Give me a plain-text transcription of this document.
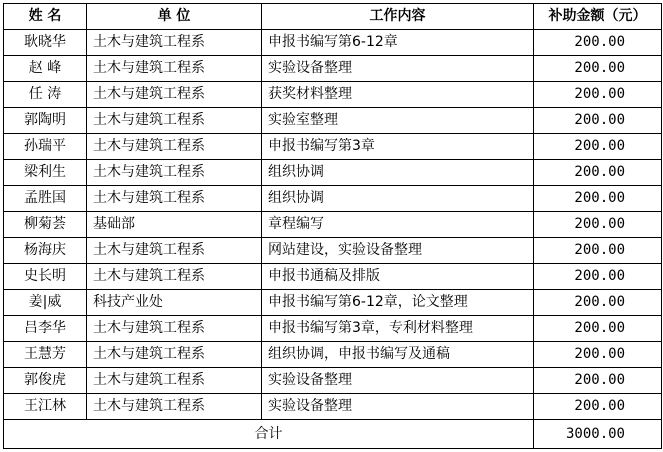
姓 名	单 位	工作内容	补助金额（元）
耿晓华	土木与建筑工程系	申报书编写第6-12章	200.00
赵 峰	土木与建筑工程系	实验设备整理	200.00
任 涛	土木与建筑工程系	获奖材料整理	200.00
郭陶明	土木与建筑工程系	实验室整理	200.00
孙瑞平	土木与建筑工程系	申报书编写第3章	200.00
梁利生	土木与建筑工程系	组织协调	200.00
孟胜国	土木与建筑工程系	组织协调	200.00
柳菊荟	基础部	章程编写	200.00
杨海庆	土木与建筑工程系	网站建设，实验设备整理	200.00
史长明	土木与建筑工程系	申报书通稿及排版	200.00
姜|威	科技产业处	申报书编写第6-12章，论文整理	200.00
吕李华	土木与建筑工程系	申报书编写第3章，专利材料整理	200.00
王慧芳	土木与建筑工程系	组织协调，申报书编写及通稿	200.00
郭俊虎	土木与建筑工程系	实验设备整理	200.00
王江林	土木与建筑工程系	实验设备整理	200.00
合计			3000.00
